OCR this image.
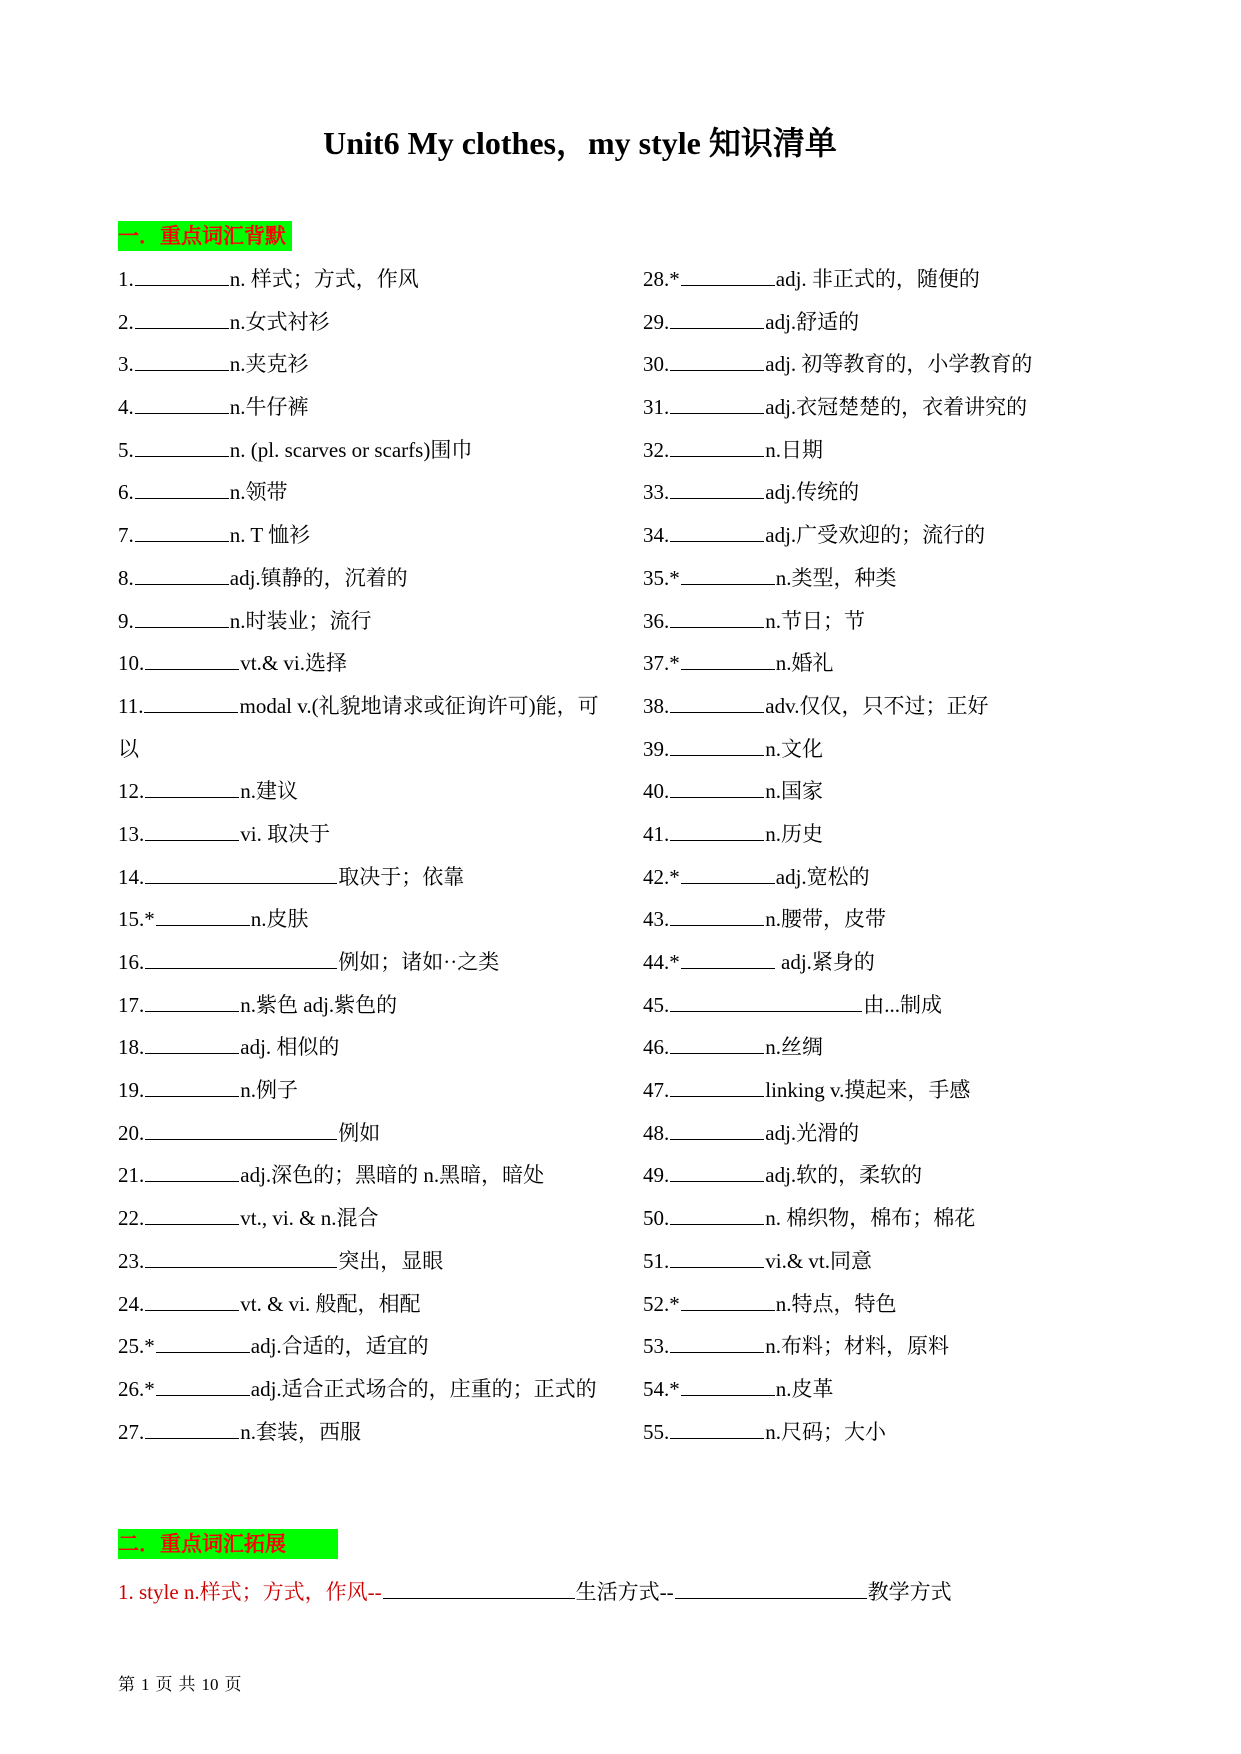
Unit6 My clothes，my style 知识清单
一．重点词汇背默
1.	n. 样式；方式，作风
2.	n.女式衬衫
3.	n.夹克衫
4.	n.牛仔裤
5.	n. (pl. scarves or scarfs)围巾
6.	n.领带
7.	n. T 恤衫
8.	adj.镇静的，沉着的
9.	n.时装业；流行
10.	vt.& vi.选择
11.	modal v.(礼貌地请求或征询许可)能，可以
12.	n.建议
13.	vi. 取决于
14.	取决于；依靠
15.*	n.皮肤
16.	例如；诸如··之类
17.	n.紫色 adj.紫色的
18.	adj. 相似的
19.	n.例子
20.	例如
21.	adj.深色的；黑暗的 n.黑暗，暗处
22.	vt., vi. & n.混合
23.	突出，显眼
24.	vt. & vi. 般配，相配
25.*	adj.合适的，适宜的
26.*	adj.适合正式场合的，庄重的；正式的
27.	n.套装，西服
28.*	adj. 非正式的，随便的
29.	adj.舒适的
30.	adj. 初等教育的，小学教育的
31.	adj.衣冠楚楚的，衣着讲究的
32.	n.日期
33.	adj.传统的
34.	adj.广受欢迎的；流行的
35.*	n.类型，种类
36.	n.节日；节
37.*	n.婚礼
38.	adv.仅仅，只不过；正好
39.	n.文化
40.	n.国家
41.	n.历史
42.*	adj.宽松的
43.	n.腰带，皮带
44.*	adj.紧身的
45.	由...制成
46.	n.丝绸
47.	linking v.摸起来，手感
48.	adj.光滑的
49.	adj.软的，柔软的
50.	n. 棉织物，棉布；棉花
51.	vi.& vt.同意
52.*	n.特点，特色
53.	n.布料；材料，原料
54.*	n.皮革
55.	n.尺码；大小
二．重点词汇拓展
1. style n.样式；方式，作风--	生活方式--	教学方式
第 1 页 共 10 页
